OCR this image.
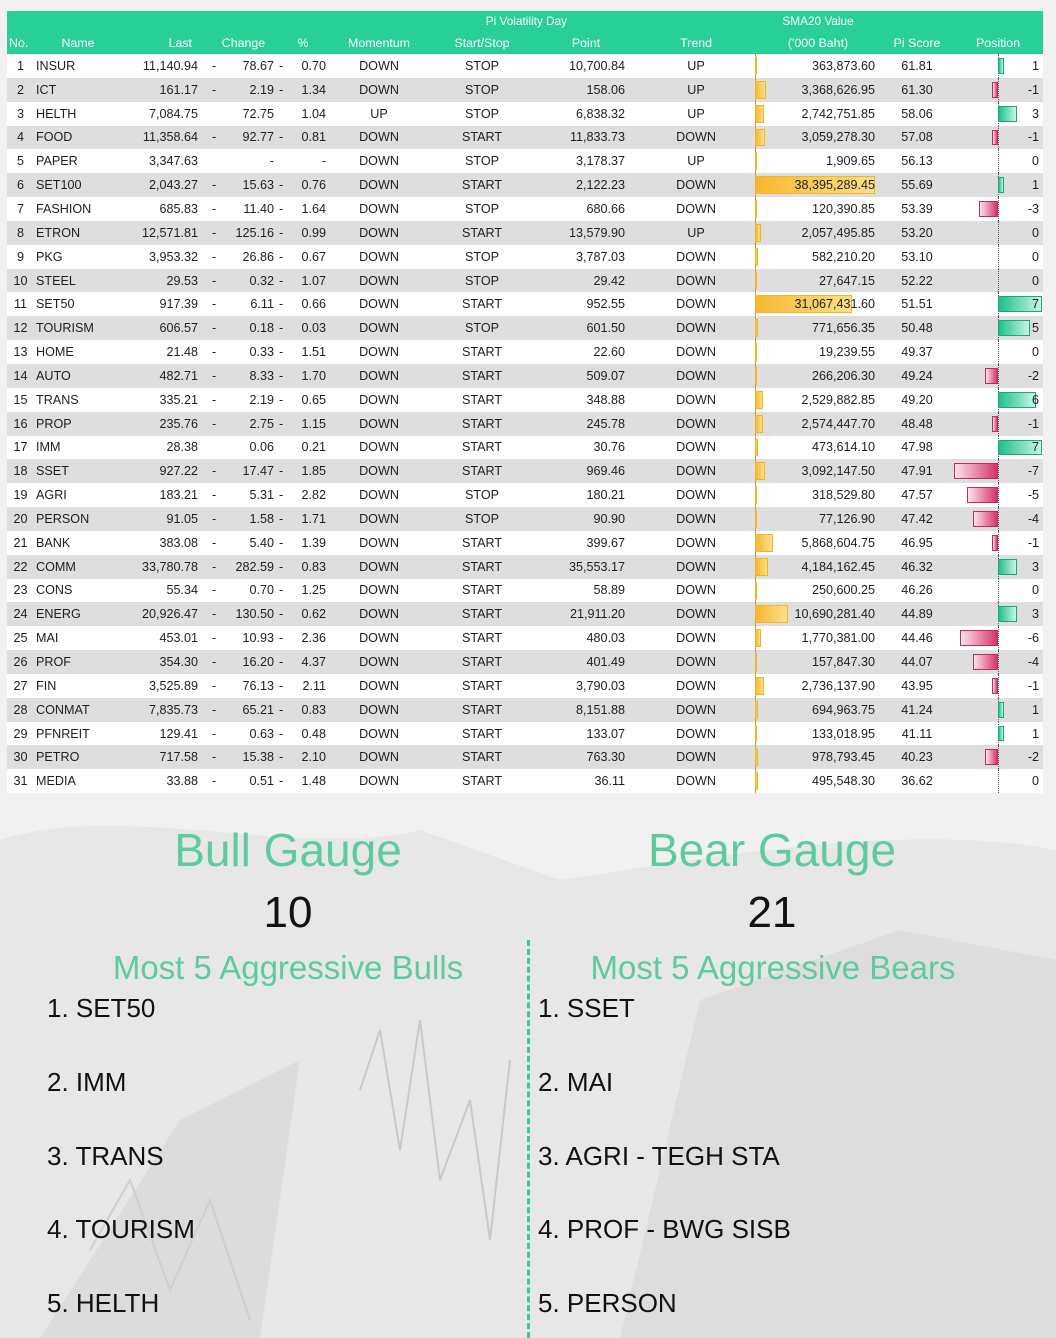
					Pi Volatility Day				SMA20 Value		
No.	Name	Last	Change	%	Momentum	Start/Stop	Point	Trend	('000 Baht)	Pi Score	Position
1	INSUR	11,140.94	- 78.67	- 0.70	DOWN	STOP	10,700.84	UP	363,873.60	61.81	1

2	ICT	161.17	- 2.19	- 1.34	DOWN	STOP	158.06	UP	3,368,626.95	61.30	-1

3	HELTH	7,084.75	72.75	1.04	UP	STOP	6,838.32	UP	2,742,751.85	58.06	3

4	FOOD	11,358.64	- 92.77	- 0.81	DOWN	START	11,833.73	DOWN	3,059,278.30	57.08	-1

5	PAPER	3,347.63	-	-	DOWN	STOP	3,178.37	UP	1,909.65	56.13	0

6	SET100	2,043.27	- 15.63	- 0.76	DOWN	START	2,122.23	DOWN	38,395,289.45	55.69	1

7	FASHION	685.83	- 11.40	- 1.64	DOWN	STOP	680.66	DOWN	120,390.85	53.39	-3

8	ETRON	12,571.81	- 125.16	- 0.99	DOWN	START	13,579.90	UP	2,057,495.85	53.20	0

9	PKG	3,953.32	- 26.86	- 0.67	DOWN	STOP	3,787.03	DOWN	582,210.20	53.10	0

10	STEEL	29.53	- 0.32	- 1.07	DOWN	STOP	29.42	DOWN	27,647.15	52.22	0

11	SET50	917.39	- 6.11	- 0.66	DOWN	START	952.55	DOWN	31,067,431.60	51.51	7

12	TOURISM	606.57	- 0.18	- 0.03	DOWN	STOP	601.50	DOWN	771,656.35	50.48	5

13	HOME	21.48	- 0.33	- 1.51	DOWN	START	22.60	DOWN	19,239.55	49.37	0

14	AUTO	482.71	- 8.33	- 1.70	DOWN	START	509.07	DOWN	266,206.30	49.24	-2

15	TRANS	335.21	- 2.19	- 0.65	DOWN	START	348.88	DOWN	2,529,882.85	49.20	6

16	PROP	235.76	- 2.75	- 1.15	DOWN	START	245.78	DOWN	2,574,447.70	48.48	-1

17	IMM	28.38	0.06	0.21	DOWN	START	30.76	DOWN	473,614.10	47.98	7

18	SSET	927.22	- 17.47	- 1.85	DOWN	START	969.46	DOWN	3,092,147.50	47.91	-7

19	AGRI	183.21	- 5.31	- 2.82	DOWN	STOP	180.21	DOWN	318,529.80	47.57	-5

20	PERSON	91.05	- 1.58	- 1.71	DOWN	STOP	90.90	DOWN	77,126.90	47.42	-4

21	BANK	383.08	- 5.40	- 1.39	DOWN	START	399.67	DOWN	5,868,604.75	46.95	-1

22	COMM	33,780.78	- 282.59	- 0.83	DOWN	START	35,553.17	DOWN	4,184,162.45	46.32	3

23	CONS	55.34	- 0.70	- 1.25	DOWN	START	58.89	DOWN	250,600.25	46.26	0

24	ENERG	20,926.47	- 130.50	- 0.62	DOWN	START	21,911.20	DOWN	10,690,281.40	44.89	3

25	MAI	453.01	- 10.93	- 2.36	DOWN	START	480.03	DOWN	1,770,381.00	44.46	-6

26	PROF	354.30	- 16.20	- 4.37	DOWN	START	401.49	DOWN	157,847.30	44.07	-4

27	FIN	3,525.89	- 76.13	- 2.11	DOWN	START	3,790.03	DOWN	2,736,137.90	43.95	-1

28	CONMAT	7,835.73	- 65.21	- 0.83	DOWN	START	8,151.88	DOWN	694,963.75	41.24	1

29	PFNREIT	129.41	- 0.63	- 0.48	DOWN	START	133.07	DOWN	133,018.95	41.11	1

30	PETRO	717.58	- 15.38	- 2.10	DOWN	START	763.30	DOWN	978,793.45	40.23	-2

31	MEDIA	33.88	- 0.51	- 1.48	DOWN	START	36.11	DOWN	495,548.30	36.62	0
Bull Gauge
10
Bear Gauge
21
Most 5 Aggressive Bulls	Most 5 Aggressive Bears
1. SET50
2. IMM
3. TRANS
4. TOURISM
5. HELTH
1. SSET
2. MAI
3. AGRI - TEGH STA
4. PROF - BWG SISB
5. PERSON
